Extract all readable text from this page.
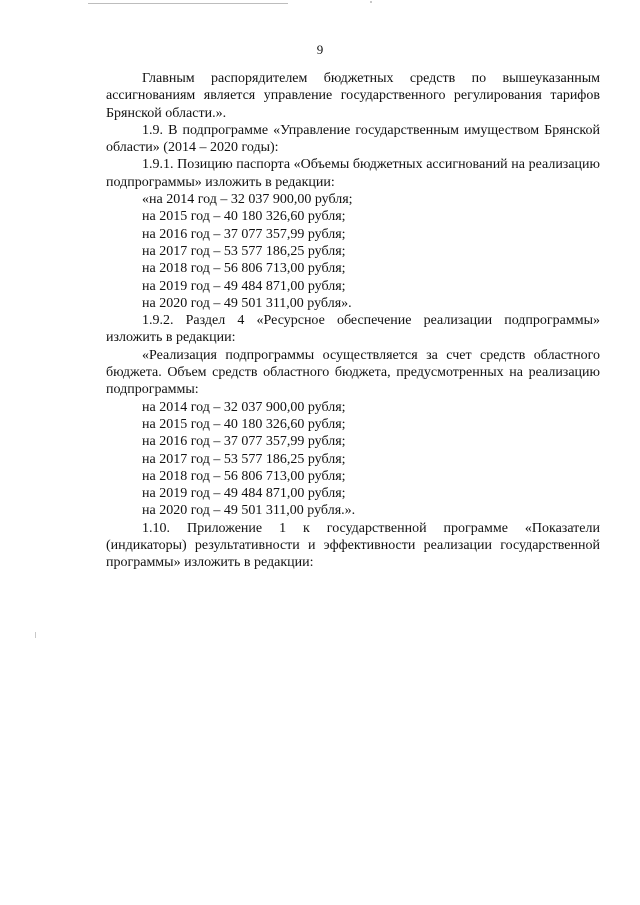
9

Главным распорядителем бюджетных средств по вышеуказанным ассигнованиям является управление государственного регулирования тарифов Брянской области.».

1.9. В подпрограмме «Управление государственным имуществом Брянской области» (2014 – 2020 годы):

1.9.1. Позицию паспорта «Объемы бюджетных ассигнований на реализацию подпрограммы» изложить в редакции:

«на 2014 год – 32 037 900,00 рубля;

на 2015 год – 40 180 326,60 рубля;

на 2016 год – 37 077 357,99 рубля;

на 2017 год – 53 577 186,25 рубля;

на 2018 год – 56 806 713,00 рубля;

на 2019 год – 49 484 871,00 рубля;

на 2020 год – 49 501 311,00 рубля».

1.9.2. Раздел 4 «Ресурсное обеспечение реализации подпрограммы» изложить в редакции:

«Реализация подпрограммы осуществляется за счет средств областного бюджета. Объем средств областного бюджета, предусмотренных на реализацию подпрограммы:

на 2014 год – 32 037 900,00 рубля;

на 2015 год – 40 180 326,60 рубля;

на 2016 год – 37 077 357,99 рубля;

на 2017 год – 53 577 186,25 рубля;

на 2018 год – 56 806 713,00 рубля;

на 2019 год – 49 484 871,00 рубля;

на 2020 год – 49 501 311,00 рубля.».

1.10. Приложение 1 к государственной программе «Показатели (индикаторы) результативности и эффективности реализации государственной программы» изложить в редакции:
